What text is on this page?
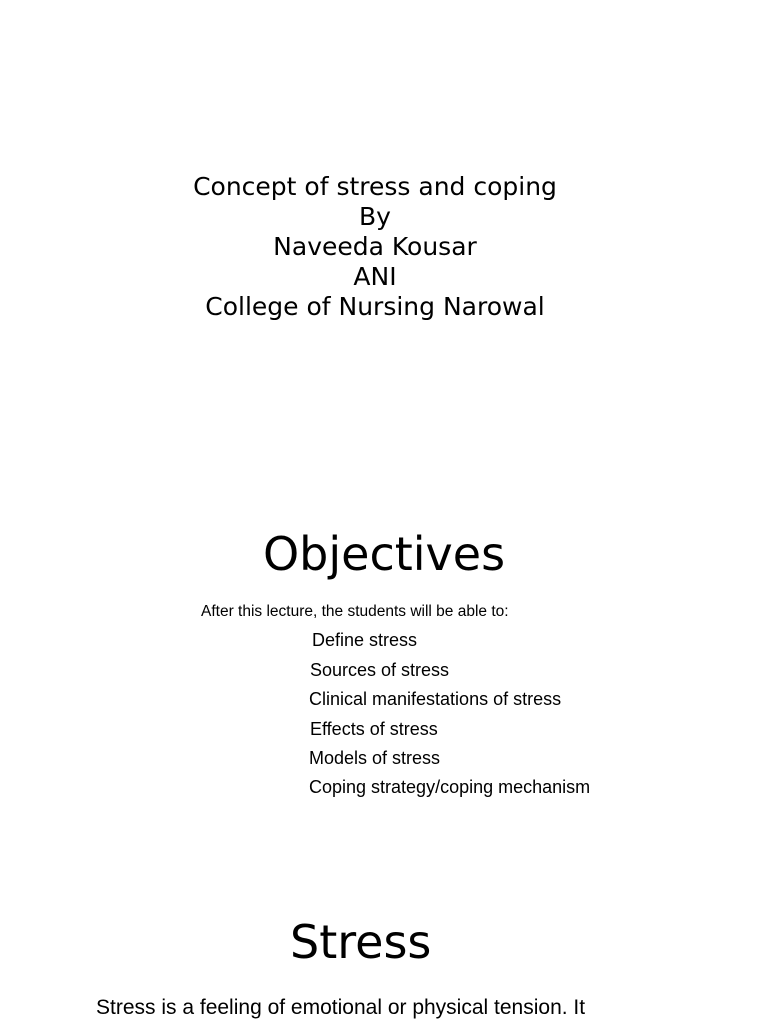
Concept of stress and coping
By
Naveeda Kousar
ANI
College of Nursing Narowal
Objectives
After this lecture, the students will be able to:
Define stress
Sources of stress
Clinical manifestations of stress
Effects of stress
Models of stress
Coping strategy/coping mechanism
Stress
Stress is a feeling of emotional or physical tension. It
